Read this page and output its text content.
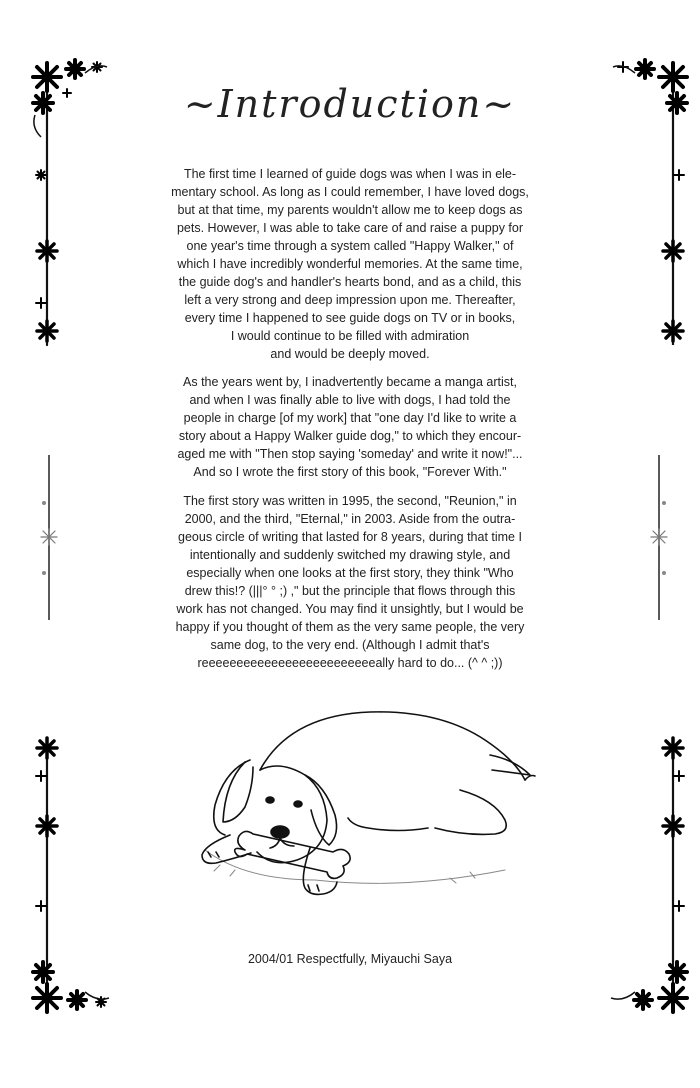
~Introduction~
The first time I learned of guide dogs was when I was in ele-
mentary school. As long as I could remember, I have loved dogs,
but at that time, my parents wouldn't allow me to keep dogs as
pets. However, I was able to take care of and raise a puppy for
one year's time through a system called "Happy Walker," of
which I have incredibly wonderful memories. At the same time,
the guide dog's and handler's hearts bond, and as a child, this
left a very strong and deep impression upon me. Thereafter,
every time I happened to see guide dogs on TV or in books,
I would continue to be filled with admiration
and would be deeply moved.
As the years went by, I inadvertently became a manga artist,
and when I was finally able to live with dogs, I had told the
people in charge [of my work] that "one day I'd like to write a
story about a Happy Walker guide dog," to which they encour-
aged me with "Then stop saying 'someday' and write it now!"...
And so I wrote the first story of this book, "Forever With."
The first story was written in 1995, the second, "Reunion," in
2000, and the third, "Eternal," in 2003. Aside from the outra-
geous circle of writing that lasted for 8 years, during that time I
intentionally and suddenly switched my drawing style, and
especially when one looks at the first story, they think "Who
drew this!? (|||° ° ;) ," but the principle that flows through this
work has not changed. You may find it unsightly, but I would be
happy if you thought of them as the very same people, the very
same dog, to the very end. (Although I admit that's
reeeeeeeeeeeeeeeeeeeeeeeeeally hard to do... (^ ^ ;))
2004/01 Respectfully, Miyauchi Saya
